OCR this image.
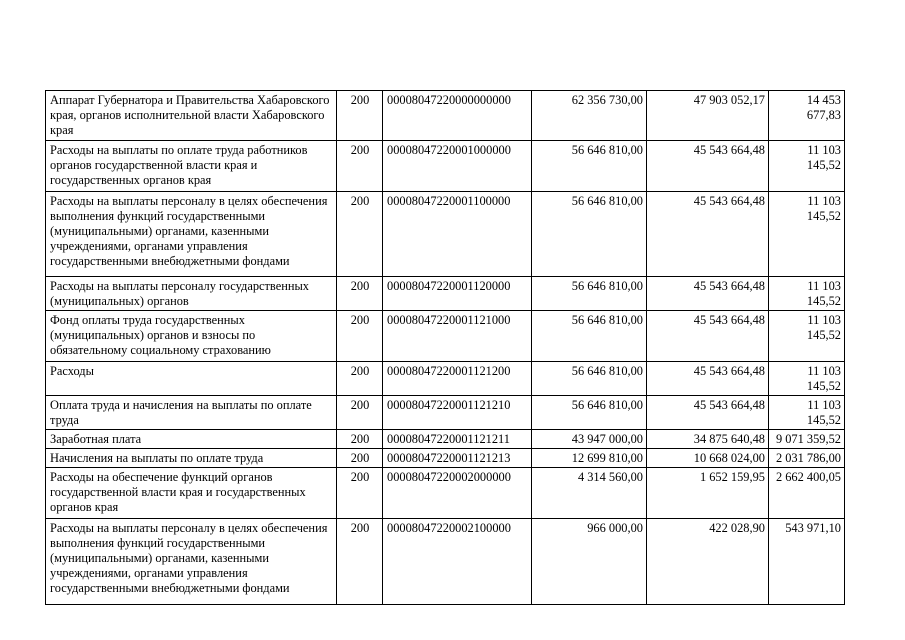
Аппарат Губернатора и Правительства Хабаровского края, органов исполнительной власти Хабаровского края	200	00008047220000000000	62 356 730,00	47 903 052,17	14 453 677,83
Расходы на выплаты по оплате труда работников органов государственной власти края и государственных органов края	200	00008047220001000000	56 646 810,00	45 543 664,48	11 103 145,52
Расходы на выплаты персоналу в целях обеспечения выполнения функций государственными (муниципальными) органами, казенными учреждениями, органами управления государственными внебюджетными фондами	200	00008047220001100000	56 646 810,00	45 543 664,48	11 103 145,52
Расходы на выплаты персоналу государственных (муниципальных) органов	200	00008047220001120000	56 646 810,00	45 543 664,48	11 103 145,52
Фонд оплаты труда государственных (муниципальных) органов и взносы по обязательному социальному страхованию	200	00008047220001121000	56 646 810,00	45 543 664,48	11 103 145,52
Расходы	200	00008047220001121200	56 646 810,00	45 543 664,48	11 103 145,52
Оплата труда и начисления на выплаты по оплате труда	200	00008047220001121210	56 646 810,00	45 543 664,48	11 103 145,52
Заработная плата	200	00008047220001121211	43 947 000,00	34 875 640,48	9 071 359,52
Начисления на выплаты по оплате труда	200	00008047220001121213	12 699 810,00	10 668 024,00	2 031 786,00
Расходы на обеспечение функций органов государственной власти края и государственных органов края	200	00008047220002000000	4 314 560,00	1 652 159,95	2 662 400,05
Расходы на выплаты персоналу в целях обеспечения выполнения функций государственными (муниципальными) органами, казенными учреждениями, органами управления государственными внебюджетными фондами	200	00008047220002100000	966 000,00	422 028,90	543 971,10
